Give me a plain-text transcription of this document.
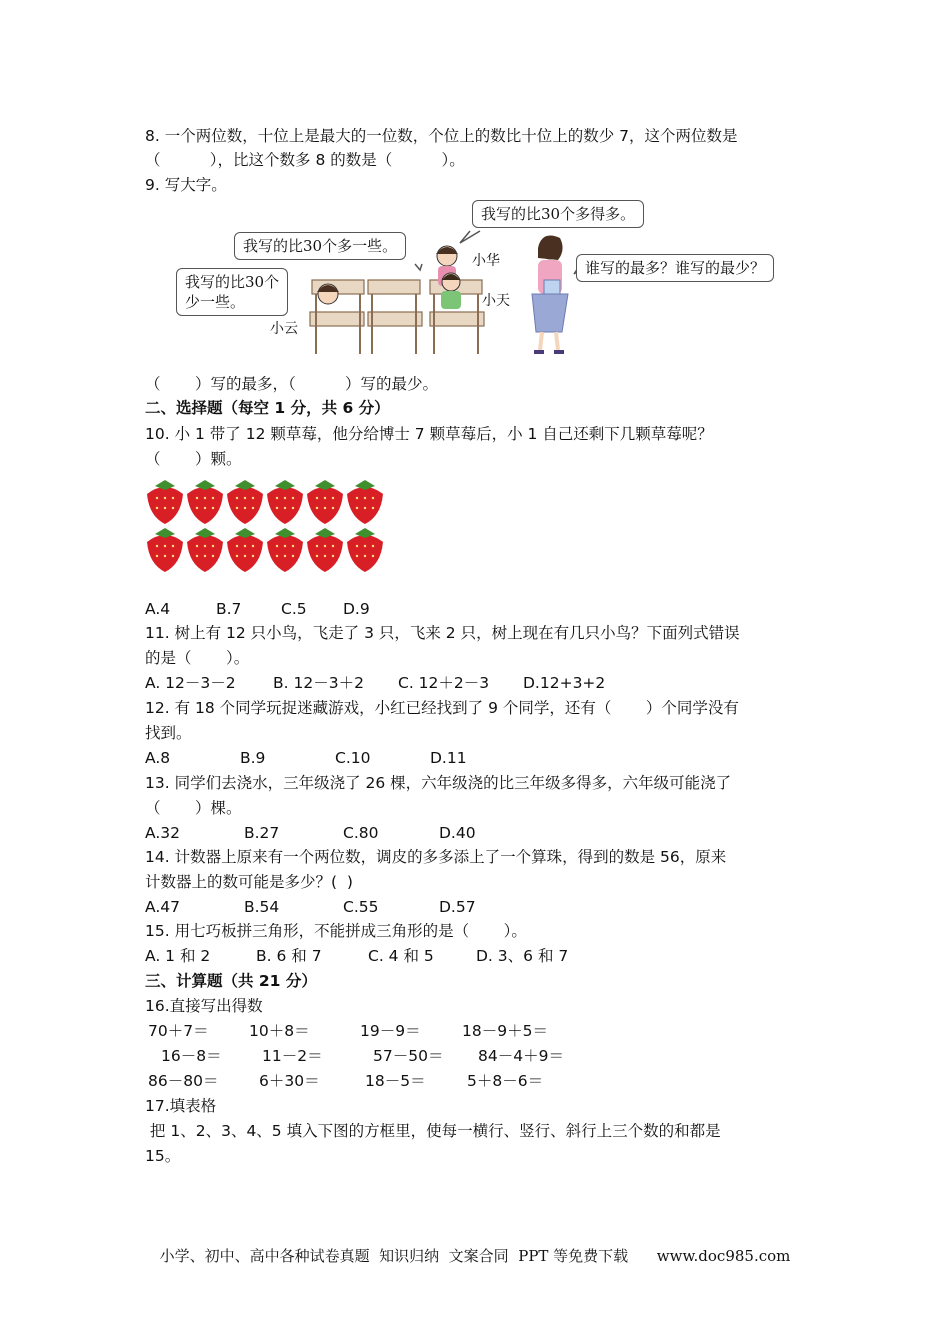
8. 一个两位数，十位上是最大的一位数，个位上的数比十位上的数少 7，这个两位数是
（          ），比这个数多 8 的数是（          ）。
9. 写大字。
我写的比30个多得多。
我写的比30个多一些。
我写的比30个
少一些。
谁写的最多？谁写的最少？
小华
小天
小云
（       ）写的最多，（          ）写的最少。
二、选择题（每空 1 分，共 6 分）
10. 小 1 带了 12 颗草莓，他分给博士 7 颗草莓后，小 1 自己还剩下几颗草莓呢？
（       ）颗。
A.4	B.7	C.5 D.9
11. 树上有 12 只小鸟，飞走了 3 只，飞来 2 只，树上现在有几只小鸟？下面列式错误
的是（       ）。
A. 12－3－2 B. 12－3＋2 C. 12＋2－3 D.12+3+2
12. 有 18 个同学玩捉迷藏游戏，小红已经找到了 9 个同学，还有（       ）个同学没有
找到。
A.8	B.9	C.10	D.11
13. 同学们去浇水，三年级浇了 26 棵，六年级浇的比三年级多得多，六年级可能浇了
（       ）棵。
A.32	B.27	C.80	D.40
14. 计数器上原来有一个两位数，调皮的多多添上了一个算珠，得到的数是 56，原来
计数器上的数可能是多少？(  )
A.47	B.54	C.55	D.57
15. 用七巧板拼三角形，不能拼成三角形的是（       ）。
A. 1 和 2	B. 6 和 7	C. 4 和 5	D. 3、6 和 7
三、计算题（共 21 分）
16.直接写出得数
70＋7＝	10＋8＝	19－9＝	18－9＋5＝
16－8＝	11－2＝	57－50＝ 84－4＋9＝
86－80＝	6＋30＝	18－5＝	5＋8－6＝
17.填表格
把 1、2、3、4、5 填入下图的方框里，使每一横行、竖行、斜行上三个数的和都是
15。
小学、初中、高中各种试卷真题  知识归纳  文案合同  PPT 等免费下载      www.doc985.com
